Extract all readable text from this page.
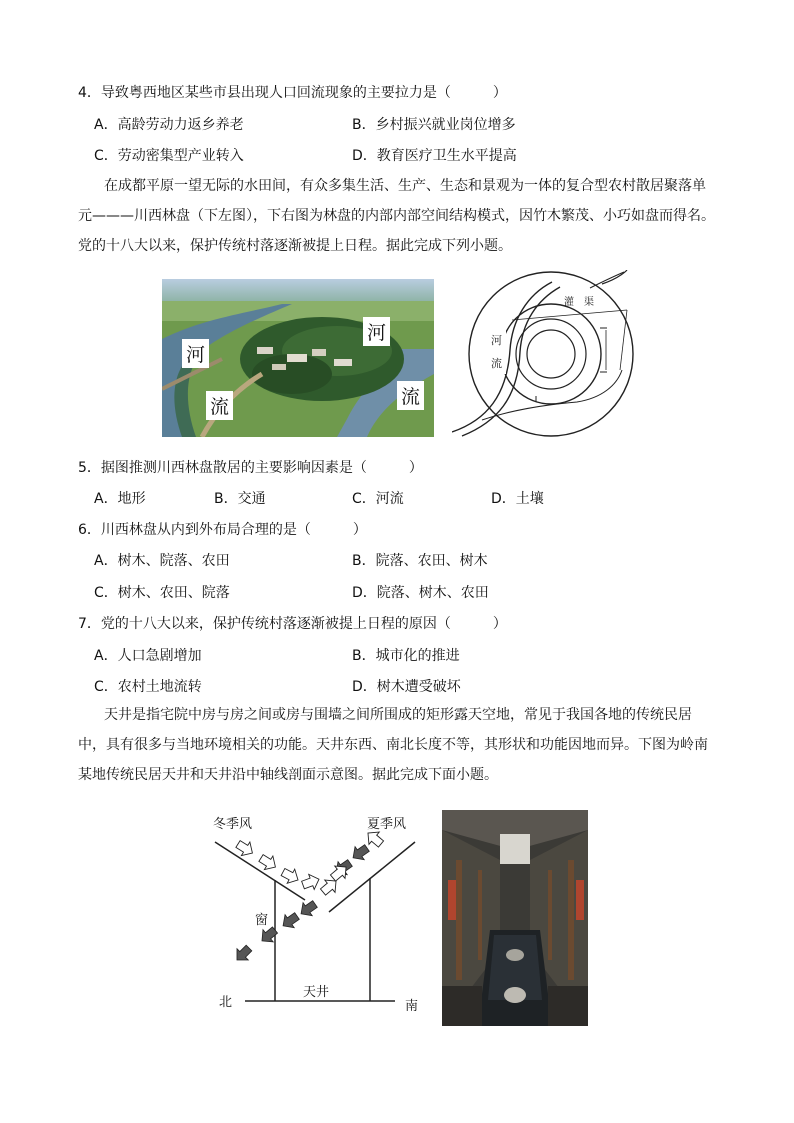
4．导致粤西地区某些市县出现人口回流现象的主要拉力是（　　　）
A．高龄劳动力返乡养老	B．乡村振兴就业岗位增多
C．劳动密集型产业转入	D．教育医疗卫生水平提高
在成都平原一望无际的水田间，有众多集生活、生产、生态和景观为一体的复合型农村散居聚落单元———川西林盘（下左图），下右图为林盘的内部内部空间结构模式，因竹木繁茂、小巧如盘而得名。党的十八大以来，保护传统村落逐渐被提上日程。据此完成下列小题。
河
流
河
流
灌　渠
河
流
5．据图推测川西林盘散居的主要影响因素是（　　　）
A．地形	B．交通	C．河流	D．土壤
6．川西林盘从内到外布局合理的是（　　　）
A．树木、院落、农田	B．院落、农田、树木
C．树木、农田、院落	D．院落、树木、农田
7．党的十八大以来，保护传统村落逐渐被提上日程的原因（　　　）
A．人口急剧增加	B．城市化的推进
C．农村土地流转	D．树木遭受破坏
天井是指宅院中房与房之间或房与围墙之间所围成的矩形露天空地，常见于我国各地的传统民居中，具有很多与当地环境相关的功能。天井东西、南北长度不等，其形状和功能因地而异。下图为岭南某地传统民居天井和天井沿中轴线剖面示意图。据此完成下面小题。
冬季风	夏季风
窗
天井
北	南
